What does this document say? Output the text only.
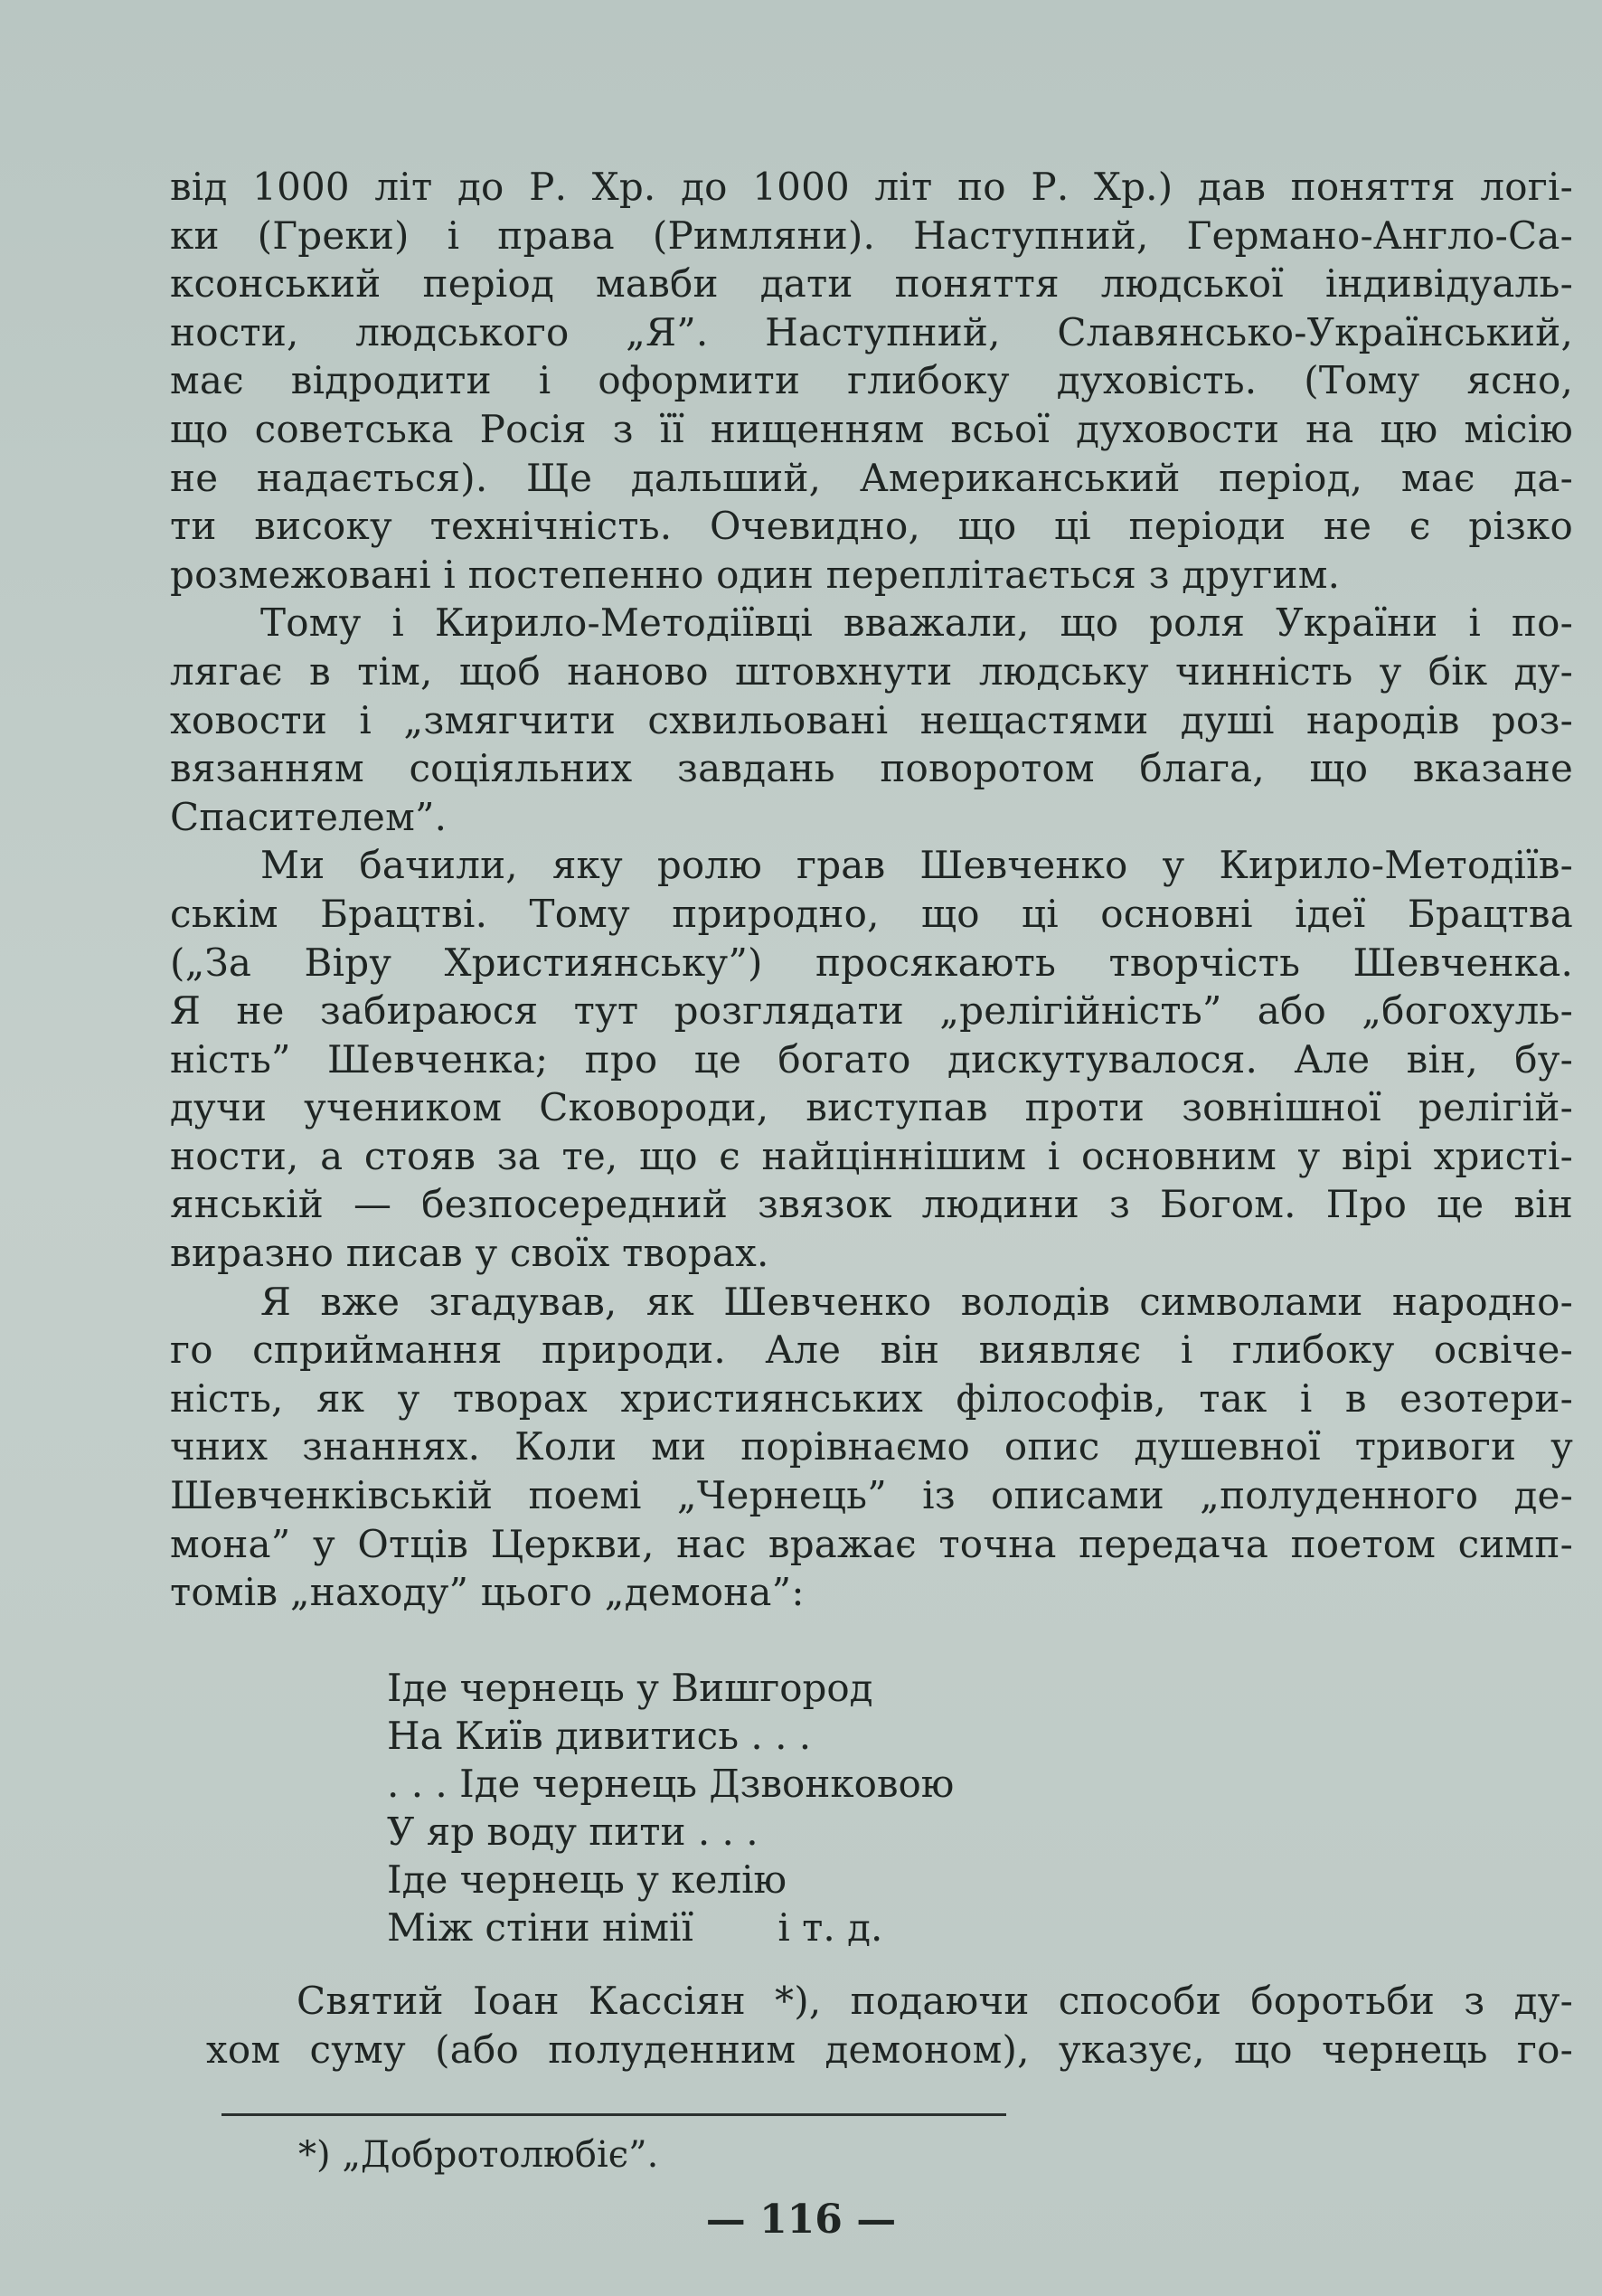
від 1000 літ до Р. Хр. до 1000 літ по Р. Хр.) дав поняття логі-
ки (Греки) і права (Римляни). Наступний, Германо-Англо-Са-
ксонський період мавби дати поняття людської індивідуаль-
ности, людського „Я”. Наступний, Славянсько-Український,
має відродити і оформити глибоку духовість. (Тому ясно,
що советська Росія з її нищенням всьої духовости на цю місію
не надається). Ще дальший, Американський період, має да-
ти високу технічність. Очевидно, що ці періоди не є різко
розмежовані і постепенно один переплітається з другим.
Тому і Кирило-Методіївці вважали, що роля України і по-
лягає в тім, щоб наново штовхнути людську чинність у бік ду-
ховости і „змягчити схвильовані нещастями душі народів роз-
вязанням соціяльних завдань поворотом блага, що вказане
Спасителем”.
Ми бачили, яку ролю грав Шевченко у Кирило-Методіїв-
ськім Брацтві. Тому природно, що ці основні ідеї Брацтва
(„За Віру Християнську”) просякають творчість Шевченка.
Я не забираюся тут розглядати „релігійність” або „богохуль-
ність” Шевченка; про це богато дискутувалося. Але він, бу-
дучи учеником Сковороди, виступав проти зовнішної релігій-
ности, а стояв за те, що є найціннішим і основним у вірі христі-
янській — безпосередний звязок людини з Богом. Про це він
виразно писав у своїх творах.
Я вже згадував, як Шевченко володів символами народно-
го сприймання природи. Але він виявляє і глибоку освіче-
ність, як у творах християнських філософів, так і в езотери-
чних знаннях. Коли ми порівнаємо опис душевної тривоги у
Шевченківській поемі „Чернець” із описами „полуденного де-
мона” у Отців Церкви, нас вражає точна передача поетом симп-
томів „находу” цього „демона”:
Іде чернець у Вишгород
На Київ дивитись . . .
. . . Іде чернець Дзвонковою
У яр воду пити . . .
Іде чернець у келію
Між стіни німії       і т. д.
Святий Іоан Кассіян *), подаючи способи боротьби з ду-
хом суму (або полуденним демоном), указує, що чернець го-
*) „Добротолюбіє”.
— 116 —
